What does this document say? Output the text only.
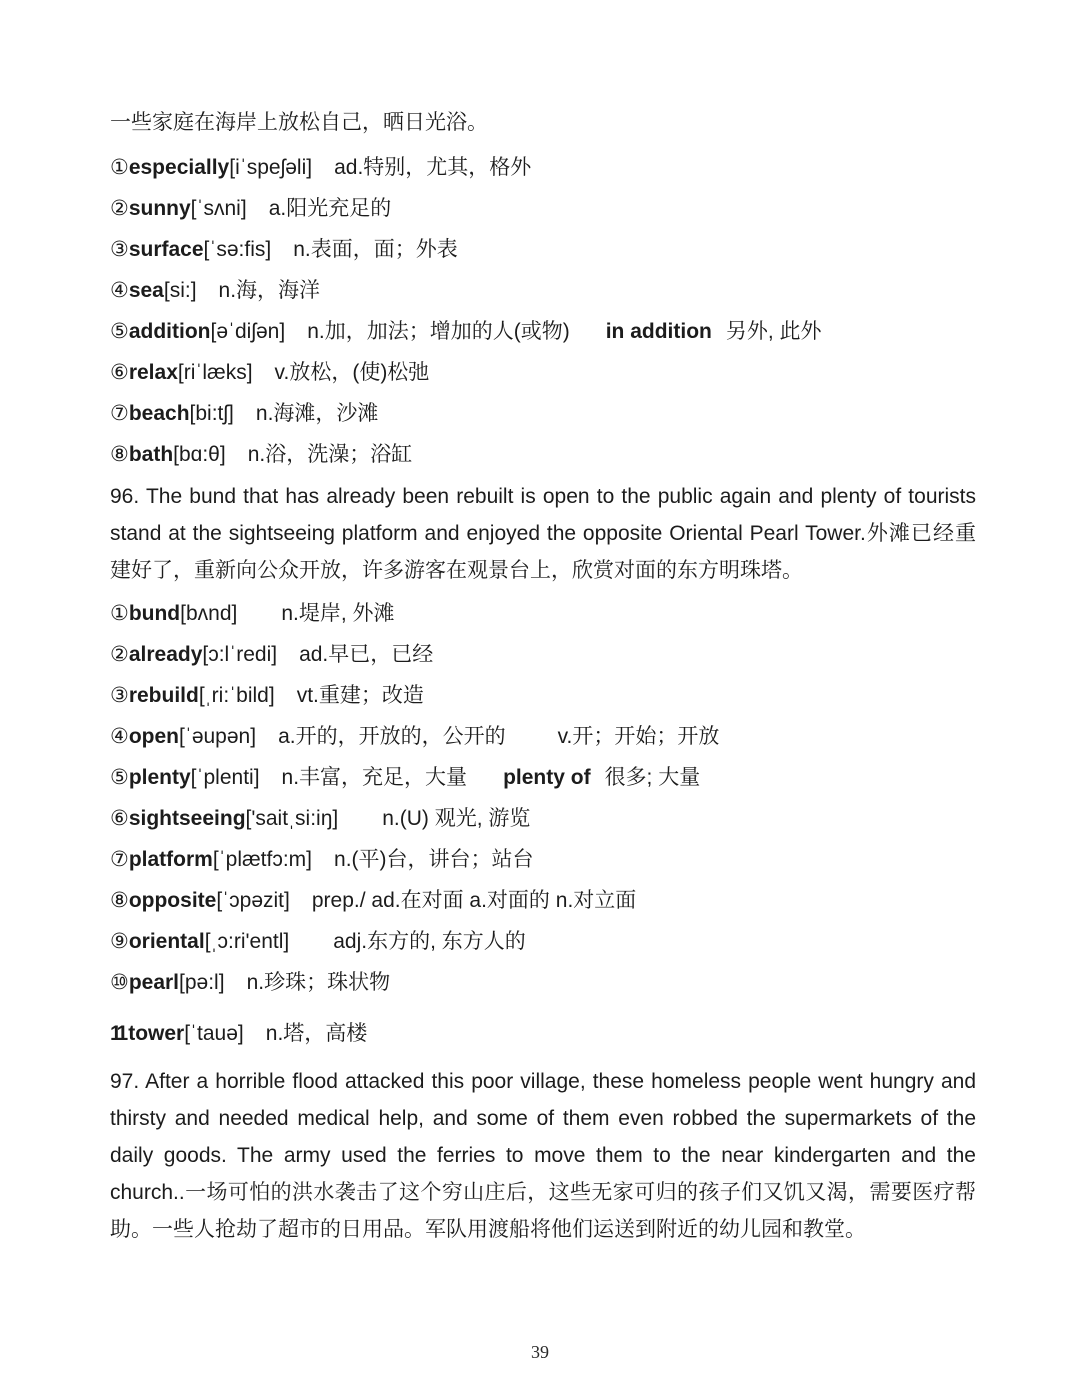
一些家庭在海岸上放松自己，晒日光浴。
①especially[iˈspeʃəli] ad.特别，尤其，格外
②sunny[ˈsʌni] a.阳光充足的
③surface[ˈsə:fis] n.表面，面；外表
④sea[si:] n.海，海洋
⑤addition[əˈdiʃən] n.加，加法；增加的人(或物) in addition 另外, 此外
⑥relax[riˈlæks] v.放松，(使)松弛
⑦beach[bi:tʃ] n.海滩，沙滩
⑧bath[bɑ:θ] n.浴，洗澡；浴缸
96. The bund that has already been rebuilt is open to the public again and plenty of tourists stand at the sightseeing platform and enjoyed the opposite Oriental Pearl Tower.外滩已经重建好了，重新向公众开放，许多游客在观景台上，欣赏对面的东方明珠塔。
①bund[bʌnd] n.堤岸, 外滩
②already[ɔ:lˈredi] ad.早已，已经
③rebuild[ˌri:ˈbild] vt.重建；改造
④open[ˈəupən] a.开的，开放的，公开的 v.开；开始；开放
⑤plenty[ˈplenti] n.丰富，充足，大量 plenty of 很多; 大量
⑥sightseeing['saitˌsi:iŋ] n.(U) 观光, 游览
⑦platform[ˈplætfɔ:m] n.(平)台，讲台；站台
⑧opposite[ˈɔpəzit] prep./ ad.在对面 a.对面的 n.对立面
⑨oriental[ˌɔ:ri'entl] adj.东方的, 东方人的
⑩pearl[pə:l] n.珍珠；珠状物
11 tower[ˈtauə] n.塔，高楼
97. After a horrible flood attacked this poor village, these homeless people went hungry and thirsty and needed medical help, and some of them even robbed the supermarkets of the daily goods. The army used the ferries to move them to the near kindergarten and the church..一场可怕的洪水袭击了这个穷山庄后，这些无家可归的孩子们又饥又渴，需要医疗帮助。一些人抢劫了超市的日用品。军队用渡船将他们运送到附近的幼儿园和教堂。
39
